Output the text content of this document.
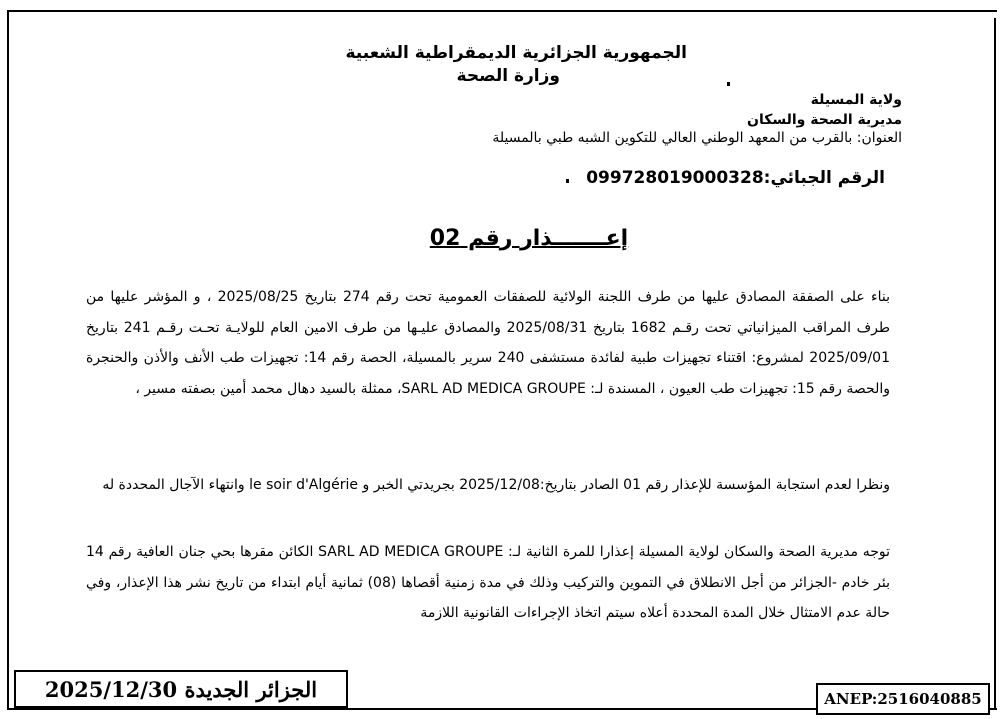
الجمهورية الجزائرية الديمقراطية الشعبية
وزارة الصحة
ولاية المسيلة
مديرية الصحة والسكان
العنوان: بالقرب من المعهد الوطني العالي للتكوين الشبه طبي بالمسيلة
الرقم الجبائي:099728019000328
إعـــــــذار رقم 02
بناء على الصفقة المصادق عليها من طرف اللجنة الولائية للصفقات العمومية تحت رقم 274 بتاريخ 2025/08/25 ، و المؤشر عليها من طرف المراقب الميزانياتي تحت رقـم 1682 بتاريخ 2025/08/31 والمصادق عليـها من طرف الامين العام للولايـة تحـت رقـم 241 بتاريخ 2025/09/01 لمشروع: اقتناء تجهيزات طبية لفائدة مستشفى 240 سرير بالمسيلة، الحصة رقم 14: تجهيزات طب الأنف والأذن والحنجرة والحصة رقم 15: تجهيزات طب العيون ، المسندة لـ: SARL AD MEDICA GROUPE، ممثلة بالسيد دهال محمد أمين بصفته مسير ،
ونظرا لعدم استجابة المؤسسة للإعذار رقم 01 الصادر بتاريخ:2025/12/08 بجريدتي الخبر و le soir d'Algérie وانتهاء الآجال المحددة له
توجه مديرية الصحة والسكان لولاية المسيلة إعذارا للمرة الثانية لـ: SARL AD MEDICA GROUPE الكائن مقرها بحي جنان العافية رقم 14 بئر خادم -الجزائر من أجل الانطلاق في التموين والتركيب وذلك في مدة زمنية أقصاها (08) ثمانية أيام ابتداء من تاريخ نشر هذا الإعذار، وفي حالة عدم الامتثال خلال المدة المحددة أعلاه سيتم اتخاذ الإجراءات القانونية اللازمة
الجزائر الجديدة 2025/12/30	ANEP:2516040885
